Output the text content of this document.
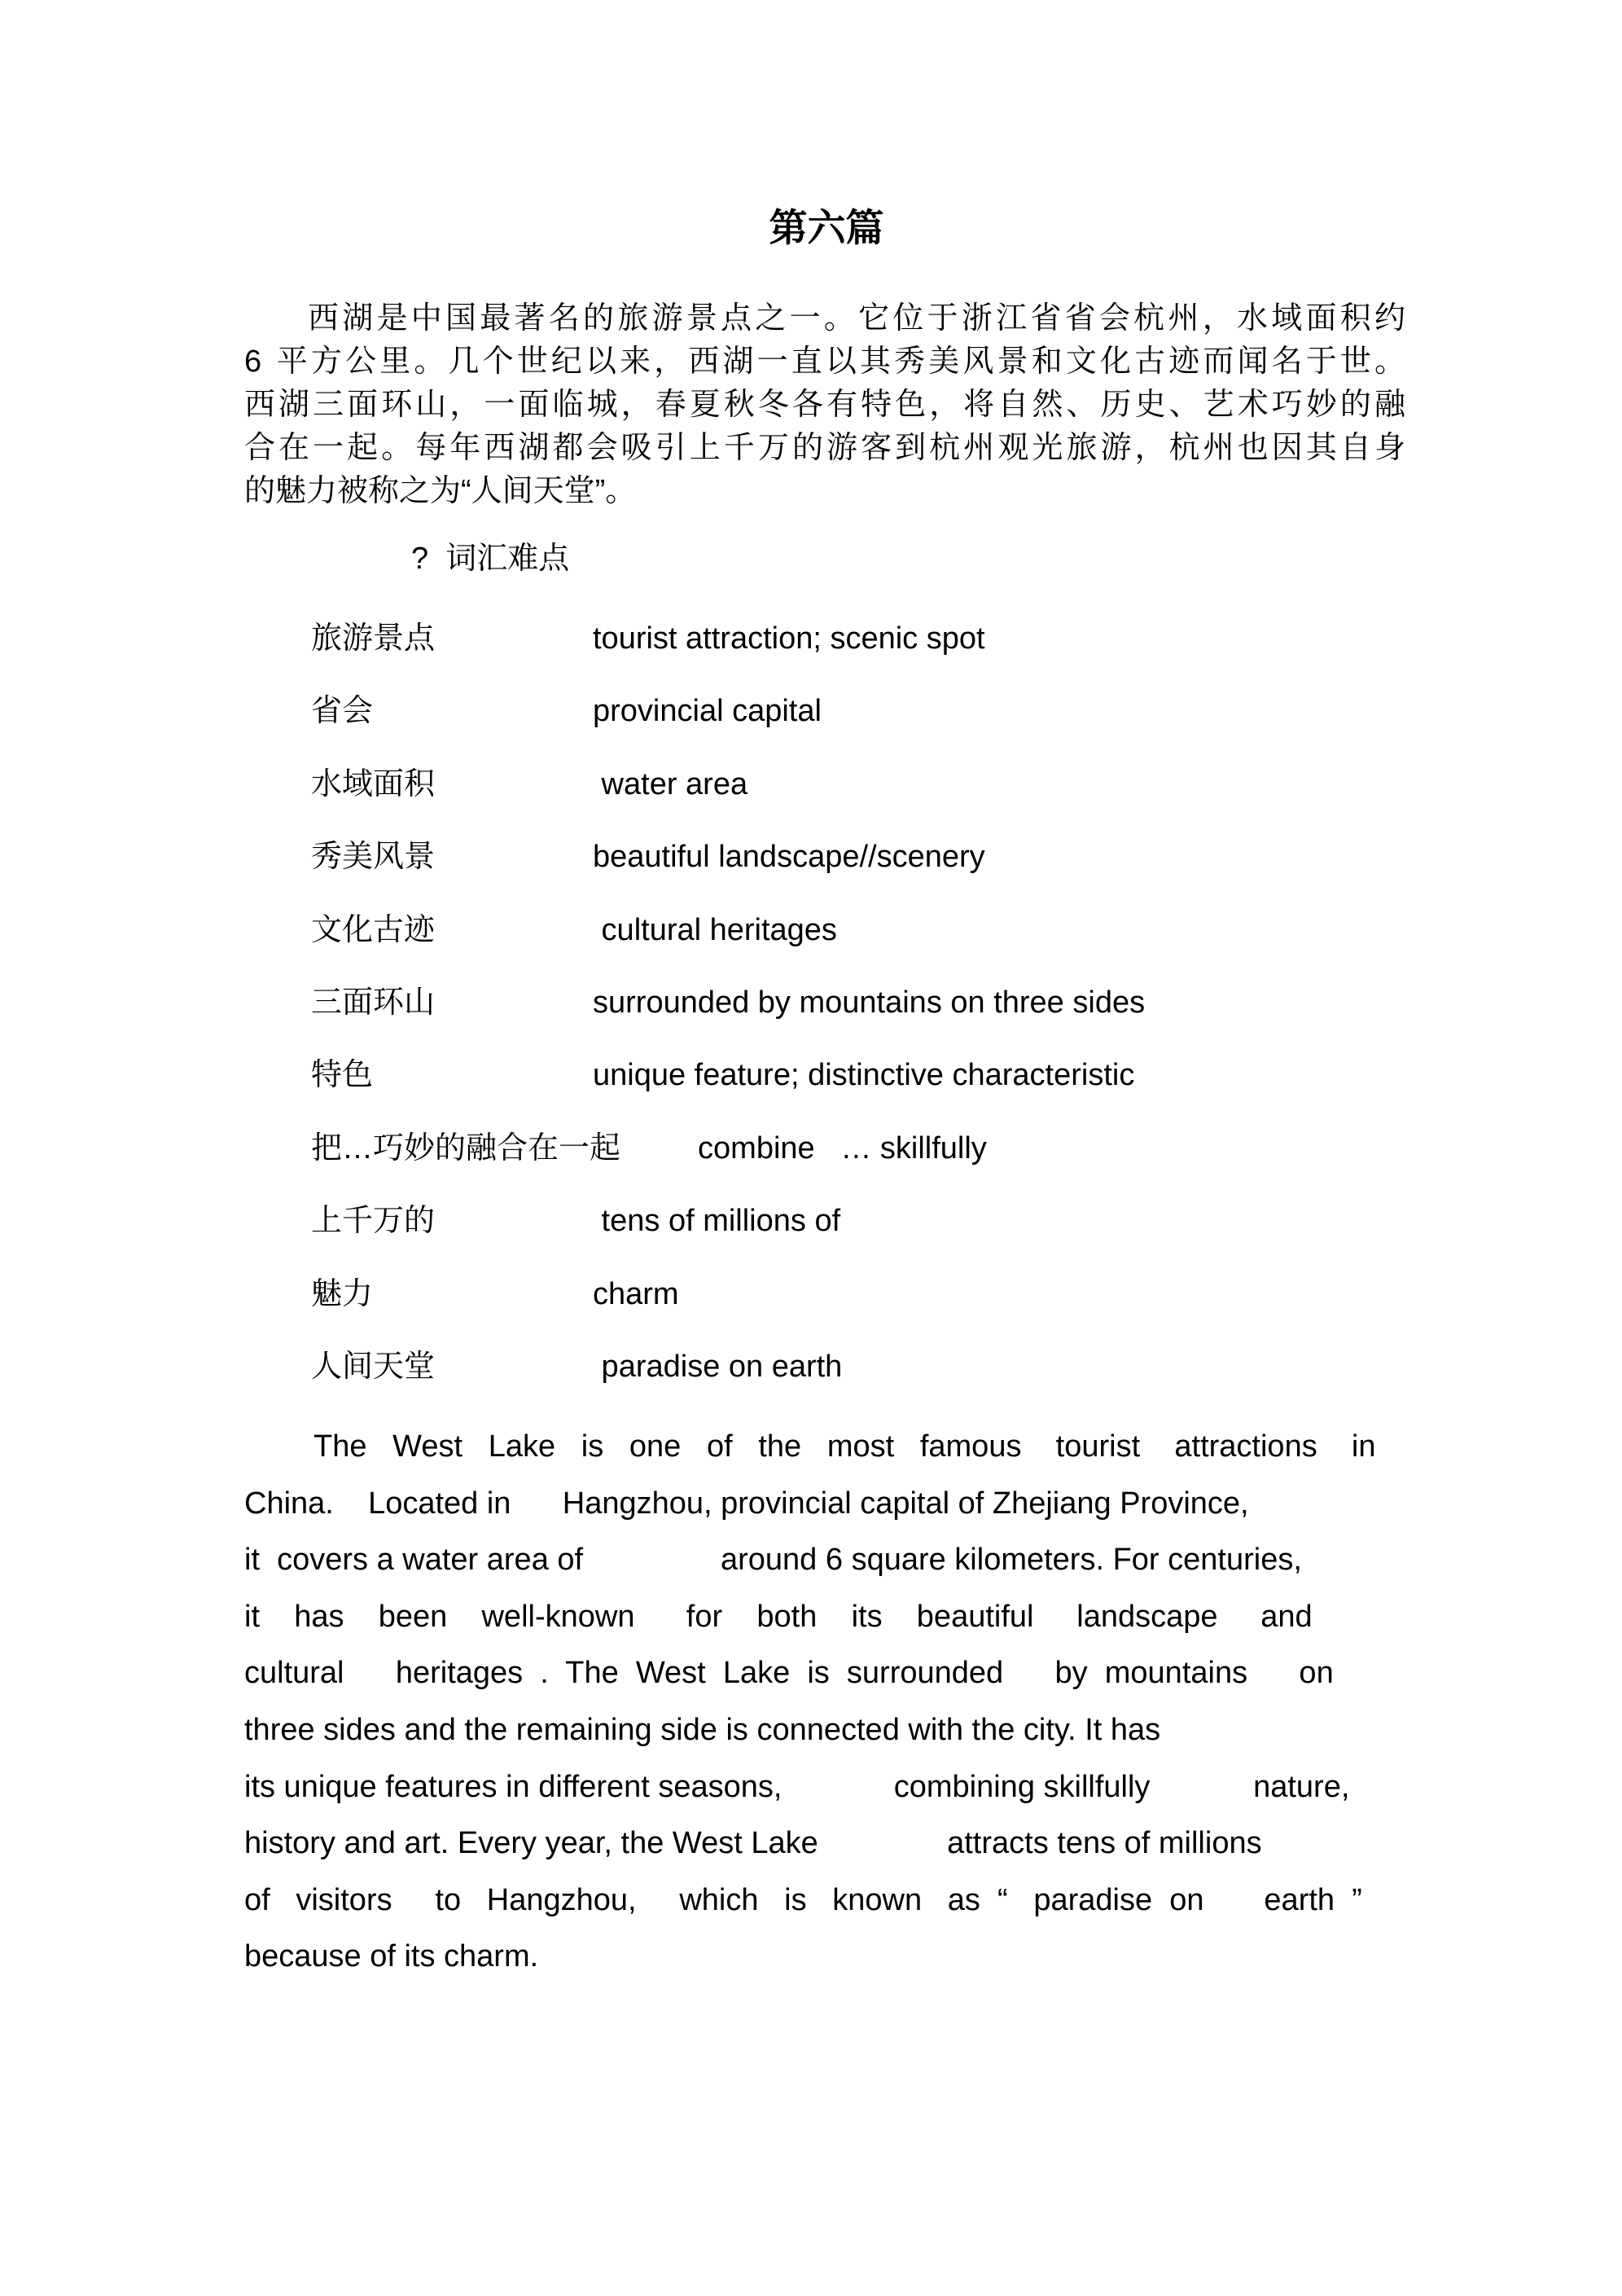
第六篇
西湖是中国最著名的旅游景点之一。它位于浙江省省会杭州，水域面积约
6 平方公里。几个世纪以来，西湖一直以其秀美风景和文化古迹而闻名于世。
西湖三面环山，一面临城，春夏秋冬各有特色，将自然、历史、艺术巧妙的融
合在一起。每年西湖都会吸引上千万的游客到杭州观光旅游，杭州也因其自身
的魅力被称之为“人间天堂”。
?  词汇难点
旅游景点	tourist attraction; scenic spot
省会	provincial capital
水域面积	water area
秀美风景	beautiful landscape//scenery
文化古迹	cultural heritages
三面环山	surrounded by mountains on three sides
特色	unique feature; distinctive characteristic
把…巧妙的融合在一起 combine   … skillfully
上千万的	tens of millions of
魅力	charm
人间天堂	paradise on earth
The   West   Lake   is   one   of   the   most   famous    tourist    attractions    in
China.    Located in      Hangzhou, provincial capital of Zhejiang Province,
it  covers a water area of                around 6 square kilometers. For centuries,
it    has    been    well-known      for    both    its    beautiful     landscape     and
cultural      heritages  .  The  West  Lake  is  surrounded      by  mountains      on
three sides and the remaining side is connected with the city. It has
its unique features in different seasons,             combining skillfully            nature,
history and art. Every year, the West Lake               attracts tens of millions
of   visitors     to   Hangzhou,     which   is   known   as  “   paradise  on       earth  ”
because of its charm.
